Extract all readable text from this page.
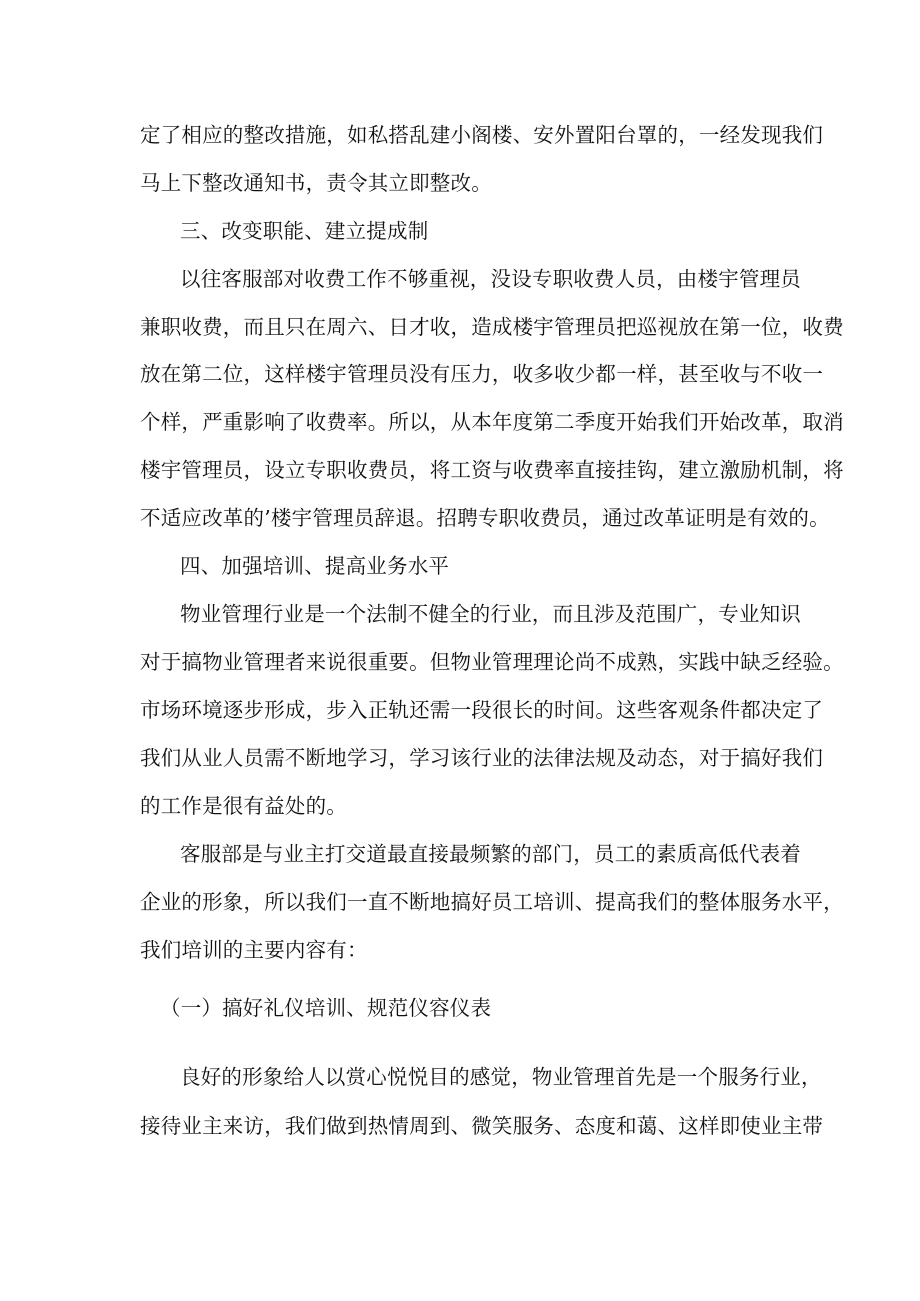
定了相应的整改措施，如私搭乱建小阁楼、安外置阳台罩的，一经发现我们
马上下整改通知书，责令其立即整改。
三、改变职能、建立提成制
以往客服部对收费工作不够重视，没设专职收费人员，由楼宇管理员
兼职收费，而且只在周六、日才收，造成楼宇管理员把巡视放在第一位，收费
放在第二位，这样楼宇管理员没有压力，收多收少都一样，甚至收与不收一
个样，严重影响了收费率。所以，从本年度第二季度开始我们开始改革，取消
楼宇管理员，设立专职收费员，将工资与收费率直接挂钩，建立激励机制，将
不适应改革的’楼宇管理员辞退。招聘专职收费员，通过改革证明是有效的。
四、加强培训、提高业务水平
物业管理行业是一个法制不健全的行业，而且涉及范围广，专业知识
对于搞物业管理者来说很重要。但物业管理理论尚不成熟，实践中缺乏经验。
市场环境逐步形成，步入正轨还需一段很长的时间。这些客观条件都决定了
我们从业人员需不断地学习，学习该行业的法律法规及动态，对于搞好我们
的工作是很有益处的。
客服部是与业主打交道最直接最频繁的部门，员工的素质高低代表着
企业的形象，所以我们一直不断地搞好员工培训、提高我们的整体服务水平，
我们培训的主要内容有：
（一）搞好礼仪培训、规范仪容仪表
良好的形象给人以赏心悦悦目的感觉，物业管理首先是一个服务行业，
接待业主来访，我们做到热情周到、微笑服务、态度和蔼、这样即使业主带
